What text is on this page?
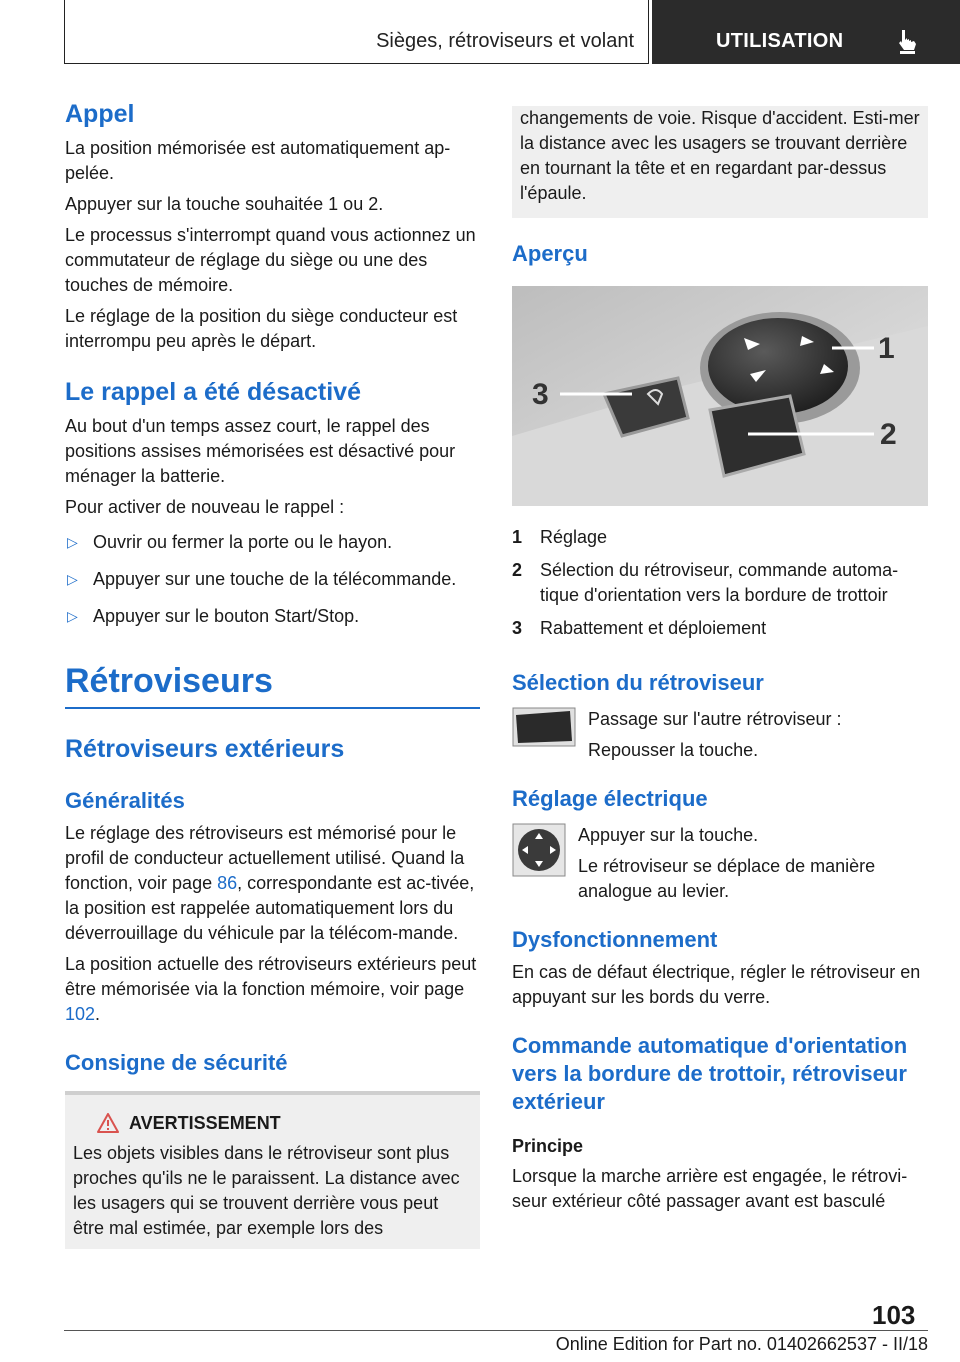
Sièges, rétroviseurs et volant	UTILISATION
Appel

La position mémorisée est automatiquement ap‐pelée.

Appuyer sur la touche souhaitée 1 ou 2.

Le processus s'interrompt quand vous actionnez un commutateur de réglage du siège ou une des touches de mémoire.

Le réglage de la position du siège conducteur est interrompu peu après le départ.

Le rappel a été désactivé

Au bout d'un temps assez court, le rappel des positions assises mémorisées est désactivé pour ménager la batterie.

Pour activer de nouveau le rappel :

▷ Ouvrir ou fermer la porte ou le hayon.
▷ Appuyer sur une touche de la télécommande.
▷ Appuyer sur le bouton Start/Stop.
Rétroviseurs
Rétroviseurs extérieurs
Généralités

Le réglage des rétroviseurs est mémorisé pour le profil de conducteur actuellement utilisé. Quand la fonction, voir page 86, correspondante est ac‐tivée, la position est rappelée automatiquement lors du déverrouillage du véhicule par la télécom‐mande.

La position actuelle des rétroviseurs extérieurs peut être mémorisée via la fonction mémoire, voir page 102.

Consigne de sécurité
AVERTISSEMENT

Les objets visibles dans le rétroviseur sont plus proches qu'ils ne le paraissent. La distance avec les usagers qui se trouvent derrière vous peut être mal estimée, par exemple lors des

changements de voie. Risque d'accident. Esti‐mer la distance avec les usagers se trouvant derrière en tournant la tête et en regardant par‐dessus l'épaule.

Aperçu
1
2
3
1 Réglage
2 Sélection du rétroviseur, commande automa‐tique d'orientation vers la bordure de trottoir
3 Rabattement et déploiement
Sélection du rétroviseur

Passage sur l'autre rétroviseur :

Repousser la touche.

Réglage électrique

Appuyer sur la touche.

Le rétroviseur se déplace de manière analogue au levier.

Dysfonctionnement

En cas de défaut électrique, régler le rétroviseur en appuyant sur les bords du verre.

Commande automatique d'orientation vers la bordure de trottoir, rétroviseur extérieur
Principe

Lorsque la marche arrière est engagée, le rétrovi‐seur extérieur côté passager avant est basculé

103
Online Edition for Part no. 01402662537 - II/18
